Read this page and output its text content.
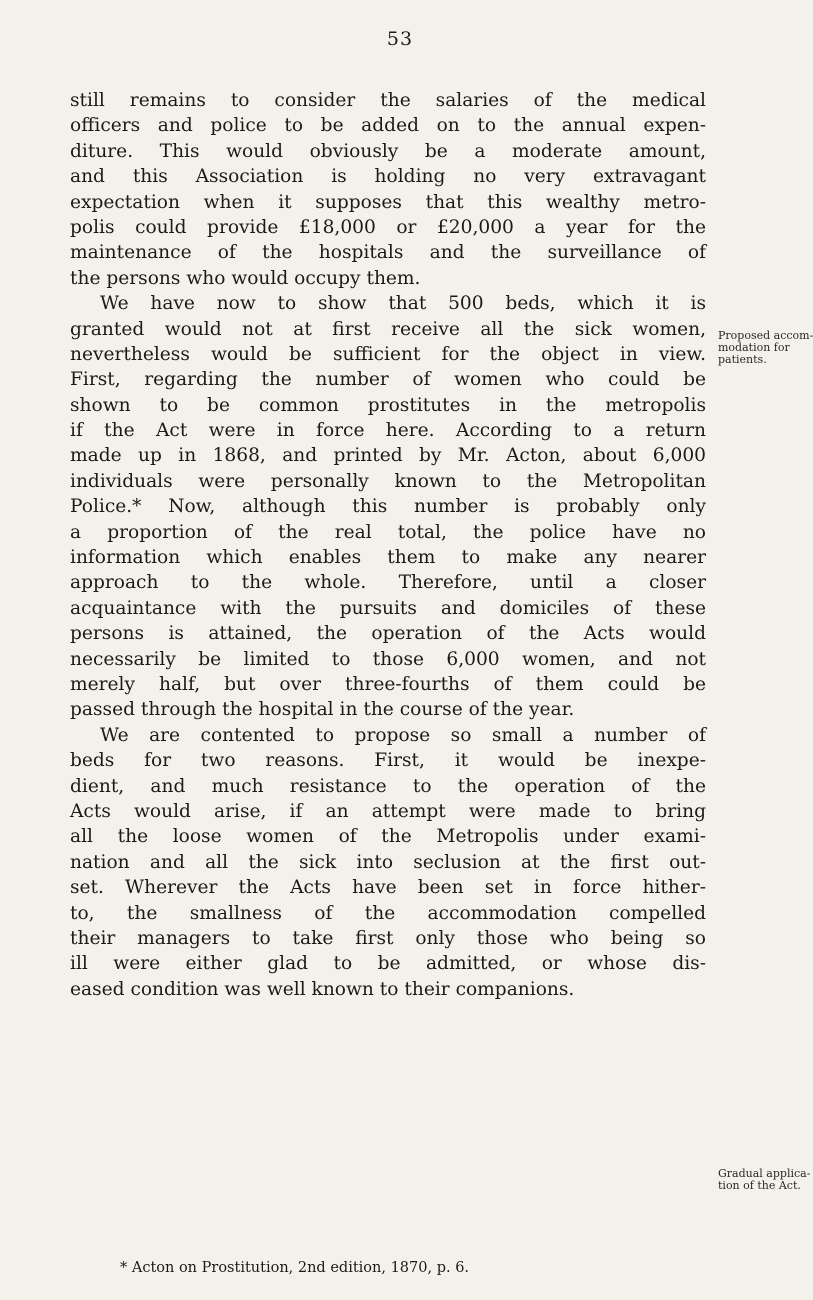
53
still remains to consider the salaries of the medical
officers and police to be added on to the annual expen-
diture. This would obviously be a moderate amount,
and this Association is holding no very extravagant
expectation when it supposes that this wealthy metro-
polis could provide £18,000 or £20,000 a year for the
maintenance of the hospitals and the surveillance of
the persons who would occupy them.
We have now to show that 500 beds, which it is
granted would not at first receive all the sick women,
nevertheless would be sufficient for the object in view.
First, regarding the number of women who could be
shown to be common prostitutes in the metropolis
if the Act were in force here. According to a return
made up in 1868, and printed by Mr. Acton, about 6,000
individuals were personally known to the Metropolitan
Police.* Now, although this number is probably only
a proportion of the real total, the police have no
information which enables them to make any nearer
approach to the whole. Therefore, until a closer
acquaintance with the pursuits and domiciles of these
persons is attained, the operation of the Acts would
necessarily be limited to those 6,000 women, and not
merely half, but over three-fourths of them could be
passed through the hospital in the course of the year.
We are contented to propose so small a number of
beds for two reasons. First, it would be inexpe-
dient, and much resistance to the operation of the
Acts would arise, if an attempt were made to bring
all the loose women of the Metropolis under exami-
nation and all the sick into seclusion at the first out-
set. Wherever the Acts have been set in force hither-
to, the smallness of the accommodation compelled
their managers to take first only those who being so
ill were either glad to be admitted, or whose dis-
eased condition was well known to their companions.
Proposed accom-
modation for
patients.
Gradual applica-
tion of the Act.
* Acton on Prostitution, 2nd edition, 1870, p. 6.
